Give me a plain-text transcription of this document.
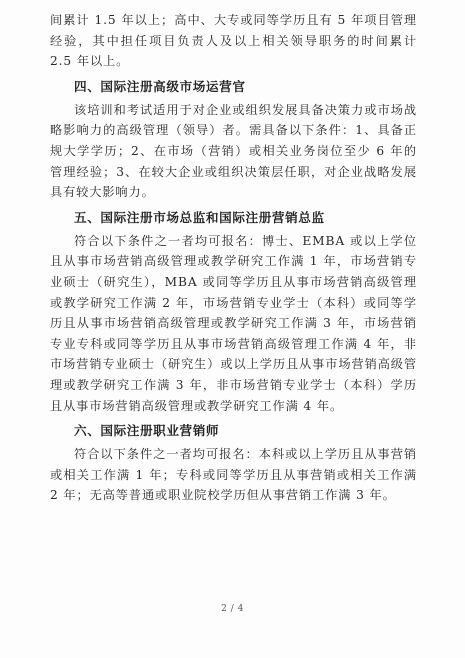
间累计 1.5 年以上；高中、大专或同等学历且有 5 年项目管理经验，其中担任项目负责人及以上相关领导职务的时间累计 2.5 年以上。

四、国际注册高级市场运营官

该培训和考试适用于对企业或组织发展具备决策力或市场战略影响力的高级管理（领导）者。需具备以下条件：1、具备正规大学学历；2、在市场（营销）或相关业务岗位至少 6 年的管理经验；3、在较大企业或组织决策层任职，对企业战略发展具有较大影响力。

五、国际注册市场总监和国际注册营销总监

符合以下条件之一者均可报名：博士、EMBA 或以上学位且从事市场营销高级管理或教学研究工作满 1 年，市场营销专业硕士（研究生），MBA 或同等学历且从事市场营销高级管理或教学研究工作满 2 年，市场营销专业学士（本科）或同等学历且从事市场营销高级管理或教学研究工作满 3 年，市场营销专业专科或同等学历且从事市场营销高级管理工作满 4 年，非市场营销专业硕士（研究生）或以上学历且从事市场营销高级管理或教学研究工作满 3 年，非市场营销专业学士（本科）学历且从事市场营销高级管理或教学研究工作满 4 年。

六、国际注册职业营销师

符合以下条件之一者均可报名：本科或以上学历且从事营销或相关工作满 1 年；专科或同等学历且从事营销或相关工作满 2 年；无高等普通或职业院校学历但从事营销工作满 3 年。

2 / 4
